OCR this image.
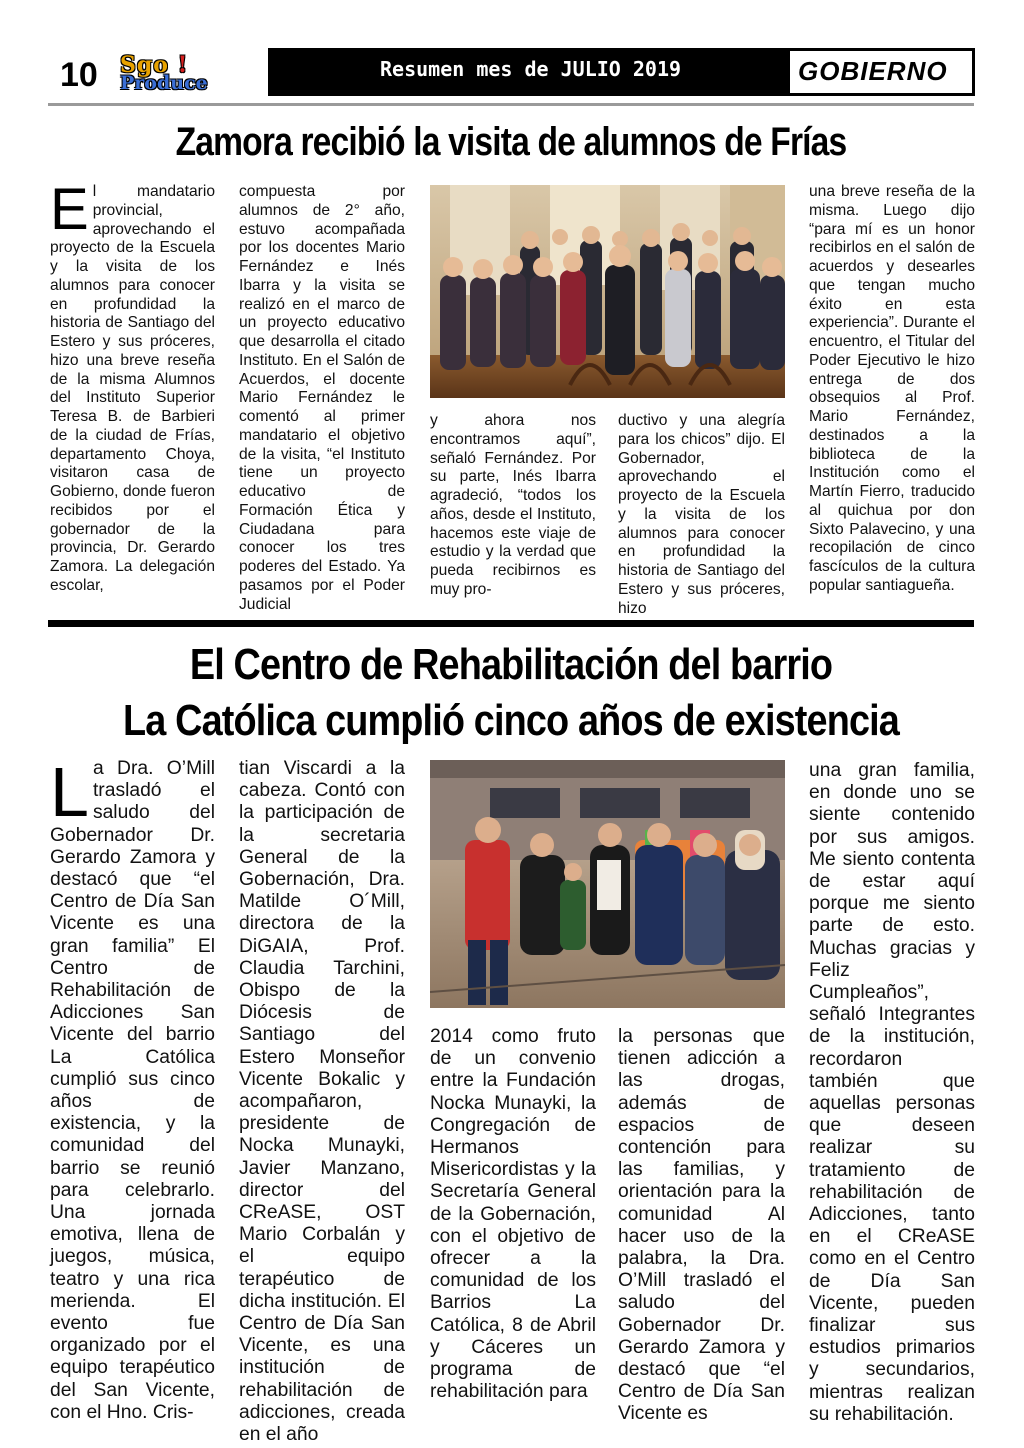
10 Sgo !
Produce
Resumen mes de JULIO 2019	GOBIERNO
Zamora recibió la visita de alumnos de Frías
El mandatario provincial, aprovechando el proyecto de la Escuela y la visita de los alumnos para conocer en profundidad la historia de Santiago del Estero y sus próceres, hizo una breve reseña de la misma Alumnos del Instituto Superior Teresa B. de Barbieri de la ciudad de Frías, departamento Choya, visitaron casa de Gobierno, donde fueron recibidos por el gobernador de la provincia, Dr. Gerardo Zamora. La delegación escolar,
compuesta por alumnos de 2° año, estuvo acompañada por los docentes Mario Fernández e Inés Ibarra y la visita se realizó en el marco de un proyecto educativo que desarrolla el citado Instituto. En el Salón de Acuerdos, el docente Mario Fernández le comentó al primer mandatario el objetivo de la visita, “el Instituto tiene un proyecto educativo de Formación Ética y Ciudadana para conocer los tres poderes del Estado. Ya pasamos por el Poder Judicial
y ahora nos encontramos aquí”, señaló Fernández. Por su parte, Inés Ibarra agradeció, “todos los años, desde el Instituto, hacemos este viaje de estudio y la verdad que pueda recibirnos es muy pro-
ductivo y una alegría para los chicos” dijo. El Gobernador, aprovechando el proyecto de la Escuela y la visita de los alumnos para conocer en profundidad la historia de Santiago del Estero y sus próceres, hizo
una breve reseña de la misma. Luego dijo “para mí es un honor recibirlos en el salón de acuerdos y desearles que tengan mucho éxito en esta experiencia”. Durante el encuentro, el Titular del Poder Ejecutivo le hizo entrega de dos obsequios al Prof. Mario Fernández, destinados a la biblioteca de la Institución como el Martín Fierro, traducido al quichua por don Sixto Palavecino, y una recopilación de cinco fascículos de la cultura popular santiagueña.
El Centro de Rehabilitación del barrio
La Católica cumplió cinco años de existencia
La Dra. O’Mill trasladó el saludo del Gobernador Dr. Gerardo Zamora y destacó que “el Centro de Día San Vicente es una gran familia” El Centro de Rehabilitación de Adicciones San Vicente del barrio La Católica cumplió sus cinco años de existencia, y la comunidad del barrio se reunió para celebrarlo. Una jornada emotiva, llena de juegos, música, teatro y una rica merienda. El evento fue organizado por el equipo terapéutico del San Vicente, con el Hno. Cris-
tian Viscardi a la cabeza. Contó con la participación de la secretaria General de la Gobernación, Dra. Matilde O´Mill, directora de la DiGAIA, Prof. Claudia Tarchini, Obispo de la Diócesis de Santiago del Estero Monseñor Vicente Bokalic y acompañaron, presidente de Nocka Munayki, Javier Manzano, director del CReASE, OST Mario Corbalán y el equipo terapéutico de dicha institución. El Centro de Día San Vicente, es una institución de rehabilitación de adicciones, creada en el año
2014 como fruto de un convenio entre la Fundación Nocka Munayki, la Congregación de Hermanos Misericordistas y la Secretaría General de la Gobernación, con el objetivo de ofrecer a la comunidad de los Barrios La Católica, 8 de Abril y Cáceres un programa de rehabilitación para
la personas que tienen adicción a las drogas, además de espacios de contención para las familias, y orientación para la comunidad Al hacer uso de la palabra, la Dra. O’Mill trasladó el saludo del Gobernador Dr. Gerardo Zamora y destacó que “el Centro de Día San Vicente es
una gran familia, en donde uno se siente contenido por sus amigos. Me siento contenta de estar aquí porque me siento parte de esto. Muchas gracias y Feliz Cumpleaños”, señaló Integrantes de la institución, recordaron también que aquellas personas que deseen realizar su tratamiento de rehabilitación de Adicciones, tanto en el CReASE como en el Centro de Día San Vicente, pueden finalizar sus estudios primarios y secundarios, mientras realizan su rehabilitación.
